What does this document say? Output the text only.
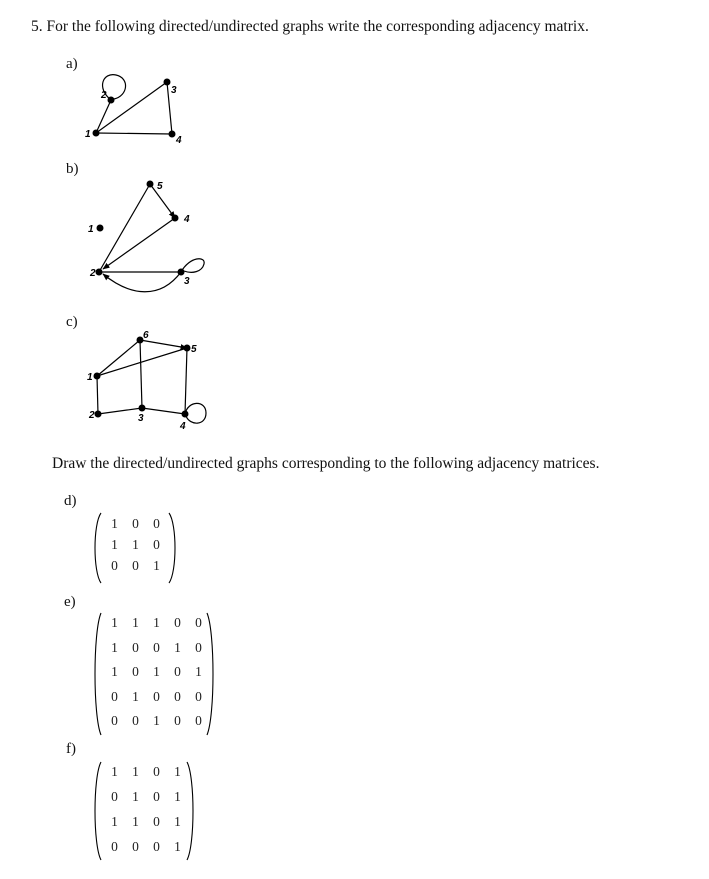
5. For the following directed/undirected graphs write the corresponding adjacency matrix.
a)
1
2	3
4
1
2
3
4
5
1
2	3
4
5
6
b)
c)
Draw the directed/undirected graphs corresponding to the following adjacency matrices.
d)
1	0	0
1	1	0
0	0	1
e)
1	1	1	0	0
1	0	0	1	0
1	0	1	0	1
0	1	0	0	0
0	0	1	0	0
f)
1	1	0	1
0	1	0	1
1	1	0	1
0	0	0	1
